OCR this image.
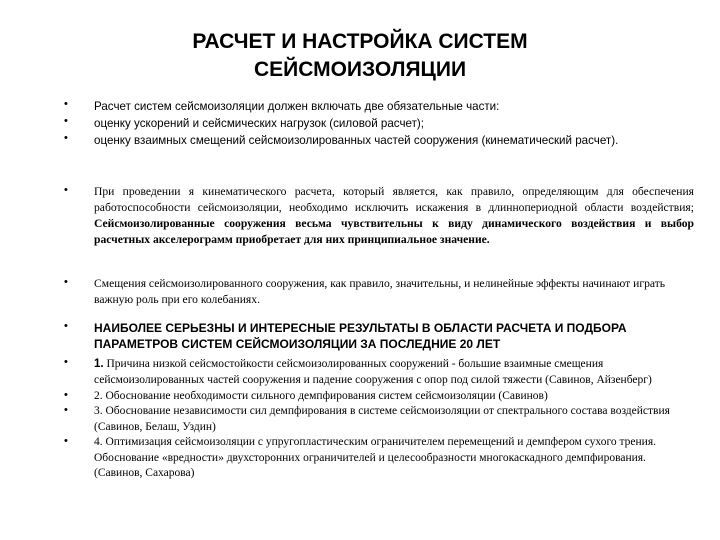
РАСЧЕТ И НАСТРОЙКА СИСТЕМ
СЕЙСМОИЗОЛЯЦИИ
• Расчет систем сейсмоизоляции должен включать две обязательные части:
• оценку ускорений и сейсмических нагрузок (силовой расчет);
• оценку взаимных смещений сейсмоизолированных частей сооружения (кинематический расчет).
• При проведении я кинематического расчета, который является, как правило, определяющим для обеспечения работоспособности сейсмоизоляции, необходимо исключить искажения в длиннопериодной области воздействия; Сейсмоизолированные сооружения весьма чувствительны к виду динамического воздействия и выбор расчетных акселерограмм приобретает для них принципиальное значение.
• Смещения сейсмоизолированного сооружения, как правило, значительны, и нелинейные эффекты начинают играть важную роль при его колебаниях.
• НАИБОЛЕЕ СЕРЬЕЗНЫ И ИНТЕРЕСНЫЕ РЕЗУЛЬТАТЫ В ОБЛАСТИ РАСЧЕТА И ПОДБОРА ПАРАМЕТРОВ СИСТЕМ СЕЙСМОИЗОЛЯЦИИ ЗА ПОСЛЕДНИЕ 20 ЛЕТ
• 1. Причина низкой сейсмостойкости сейсмоизолированных сооружений - большие взаимные смещения сейсмоизолированных частей сооружения и падение сооружения с опор под силой тяжести (Савинов, Айзенберг)
• 2. Обоснование необходимости сильного демпфирования систем сейсмоизоляции (Савинов)
• 3. Обоснование независимости сил демпфирования в системе сейсмоизоляции от спектрального состава воздействия (Савинов, Белаш, Уздин)
• 4. Оптимизация сейсмоизоляции с упругопластическим ограничителем перемещений и демпфером сухого трения. Обоснование «вредности» двухсторонних ограничителей и целесообразности многокаскадного демпфирования. (Савинов, Сахарова)
